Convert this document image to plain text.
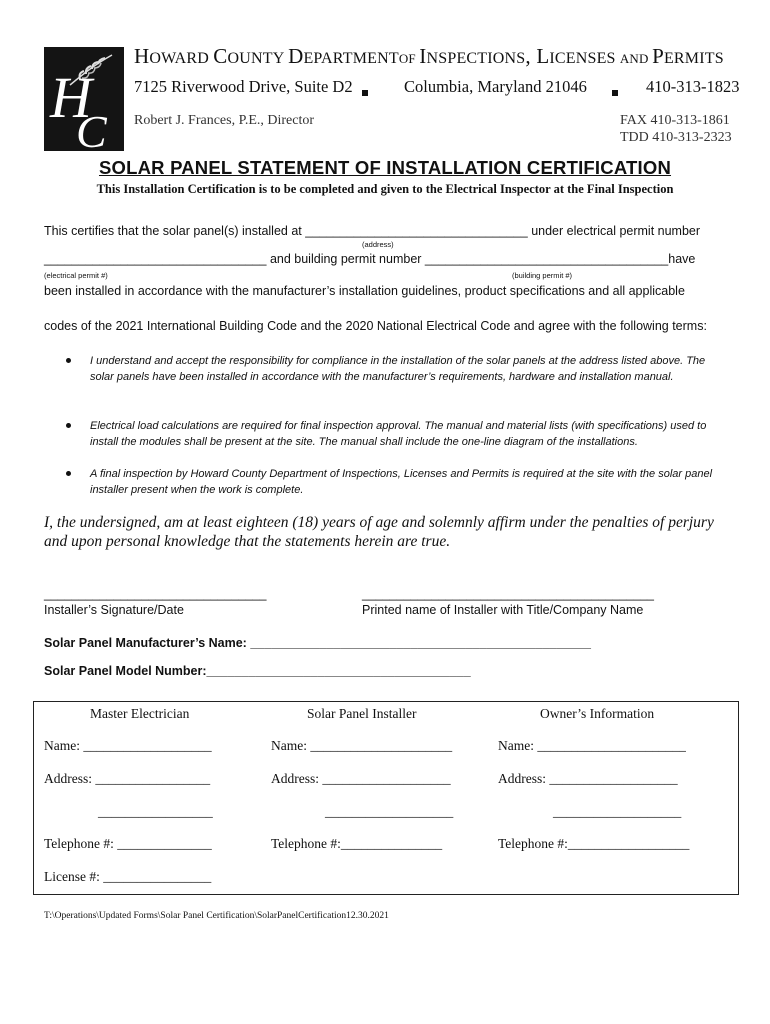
H
C
HOWARD COUNTY DEPARTMENTOF INSPECTIONS, LICENSES AND PERMITS
7125 Riverwood Drive, Suite D2	Columbia, Maryland 21046	410-313-1823
Robert J. Frances, P.E., Director	FAX 410-313-1861
TDD 410-313-2323
SOLAR PANEL STATEMENT OF INSTALLATION CERTIFICATION
This Installation Certification is to be completed and given to the Electrical Inspector at the Final Inspection
This certifies that the solar panel(s) installed at ________________________________ under electrical permit number
(address)
________________________________ and building permit number ___________________________________have
(electrical permit #)	(building permit #)
been installed in accordance with the manufacturer’s installation guidelines, product specifications and all applicable
codes of the 2021 International Building Code and the 2020 National Electrical Code and agree with the following terms:
I understand and accept the responsibility for compliance in the installation of the solar panels at the address listed above. The solar panels have been installed in accordance with the manufacturer’s requirements, hardware and installation manual.
Electrical load calculations are required for final inspection approval. The manual and material lists (with specifications) used to install the modules shall be present at the site. The manual shall include the one-line diagram of the installations.
A final inspection by Howard County Department of Inspections, Licenses and Permits is required at the site with the solar panel installer present when the work is complete.
I, the undersigned, am at least eighteen (18) years of age and solemnly affirm under the penalties of perjury and upon personal knowledge that the statements herein are true.
________________________________
Installer’s Signature/Date
__________________________________________
Printed name of Installer with Title/Company Name
Solar Panel Manufacturer’s Name: _________________________________________________
Solar Panel Model Number:______________________________________
Master Electrician	Solar Panel Installer	Owner’s Information
Name: ___________________	Name: _____________________	Name: ______________________
Address: _________________	Address: ___________________	Address: ___________________
_________________	___________________	___________________
Telephone #: ______________	Telephone #:_______________	Telephone #:__________________
License #: ________________
T:\Operations\Updated Forms\Solar Panel Certification\SolarPanelCertification12.30.2021
